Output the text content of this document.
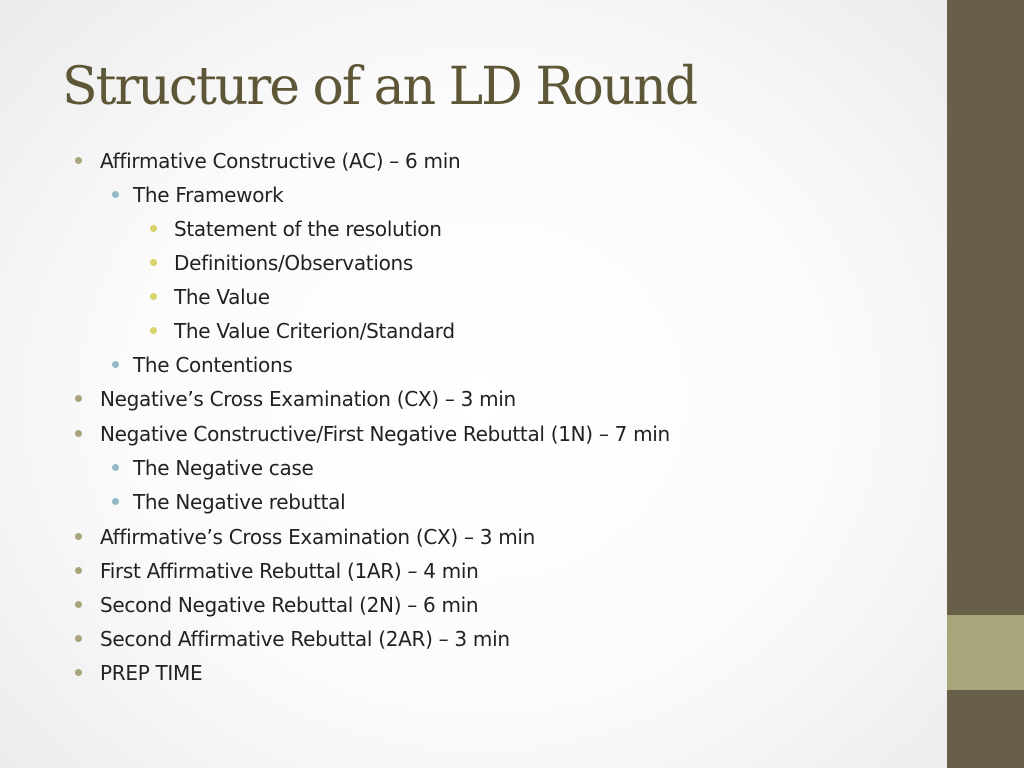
Structure of an LD Round
Affirmative Constructive (AC) – 6 min
The Framework
Statement of the resolution
Definitions/Observations
The Value
The Value Criterion/Standard
The Contentions
Negative’s Cross Examination (CX) – 3 min
Negative Constructive/First Negative Rebuttal (1N) – 7 min
The Negative case
The Negative rebuttal
Affirmative’s Cross Examination (CX) – 3 min
First Affirmative Rebuttal (1AR) – 4 min
Second Negative Rebuttal (2N) – 6 min
Second Affirmative Rebuttal (2AR) – 3 min
PREP TIME
